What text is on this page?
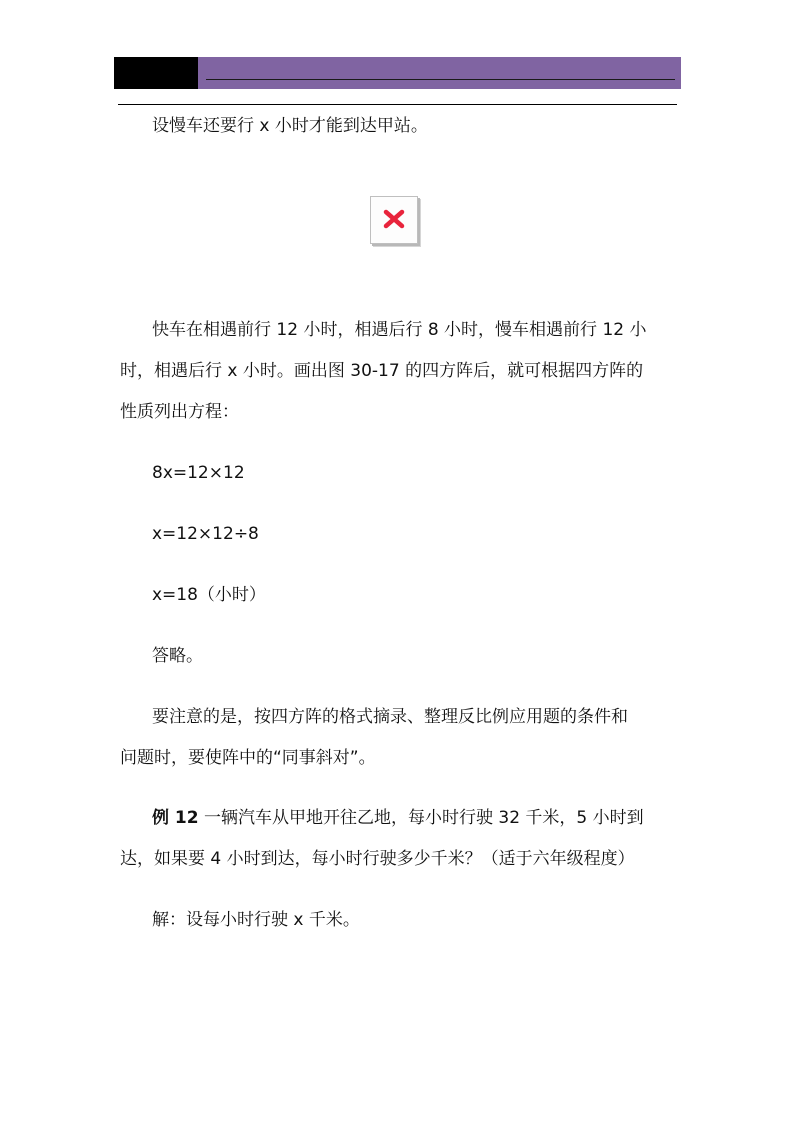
设慢车还要行 x 小时才能到达甲站。

快车在相遇前行 12 小时，相遇后行 8 小时，慢车相遇前行 12 小

时，相遇后行 x 小时。画出图 30-17 的四方阵后，就可根据四方阵的

性质列出方程：

8x=12×12

x=12×12÷8

x=18（小时）

答略。

要注意的是，按四方阵的格式摘录、整理反比例应用题的条件和

问题时，要使阵中的“同事斜对”。

例 12 一辆汽车从甲地开往乙地，每小时行驶 32 千米，5 小时到

达，如果要 4 小时到达，每小时行驶多少千米？（适于六年级程度）

解：设每小时行驶 x 千米。
